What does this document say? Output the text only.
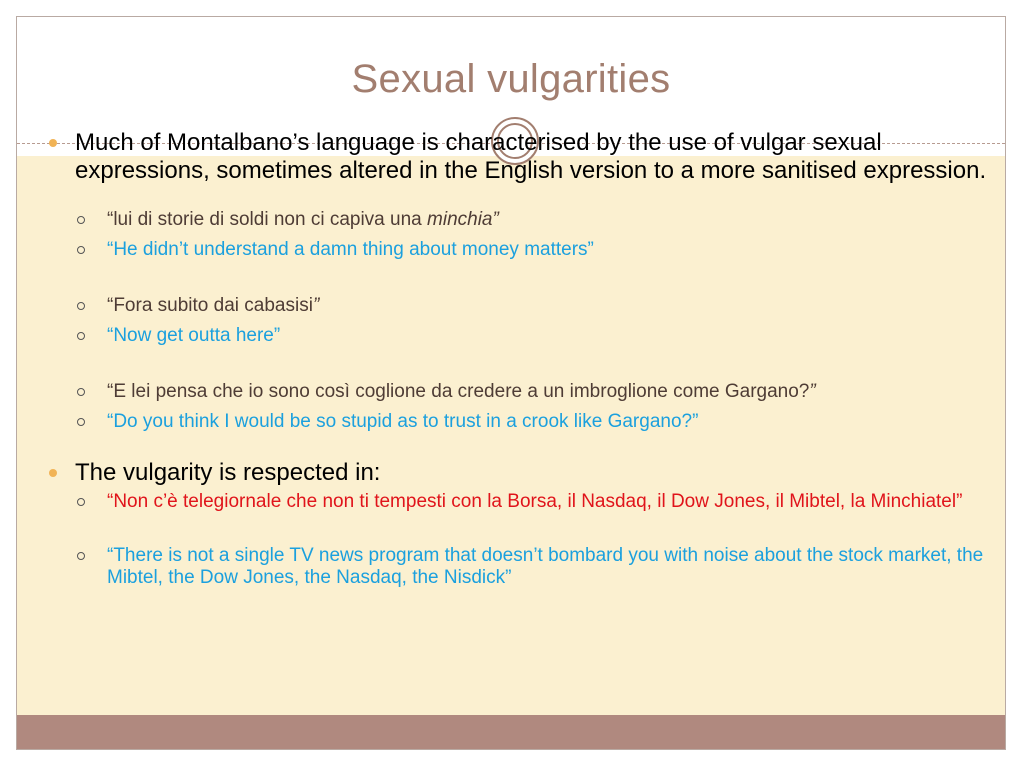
Sexual vulgarities
Much of Montalbano’s language is characterised by the use of vulgar sexual expressions, sometimes altered in the English version to a more sanitised expression.
“lui di storie di soldi non ci capiva una minchia”
“He didn’t understand a damn thing about money matters”
“Fora subito dai cabasisi”
“Now get outta here”
“E lei pensa che io sono così coglione da credere a un imbroglione come Gargano?”
“Do you think I would be so stupid as to trust in a crook like Gargano?”
The vulgarity is respected in:
“Non c’è telegiornale che non ti tempesti con la Borsa, il Nasdaq, il Dow Jones, il Mibtel, la Minchiatel”
“There is not a single TV news program that doesn’t bombard you with noise about the stock market, the Mibtel, the Dow Jones, the Nasdaq, the Nisdick”
